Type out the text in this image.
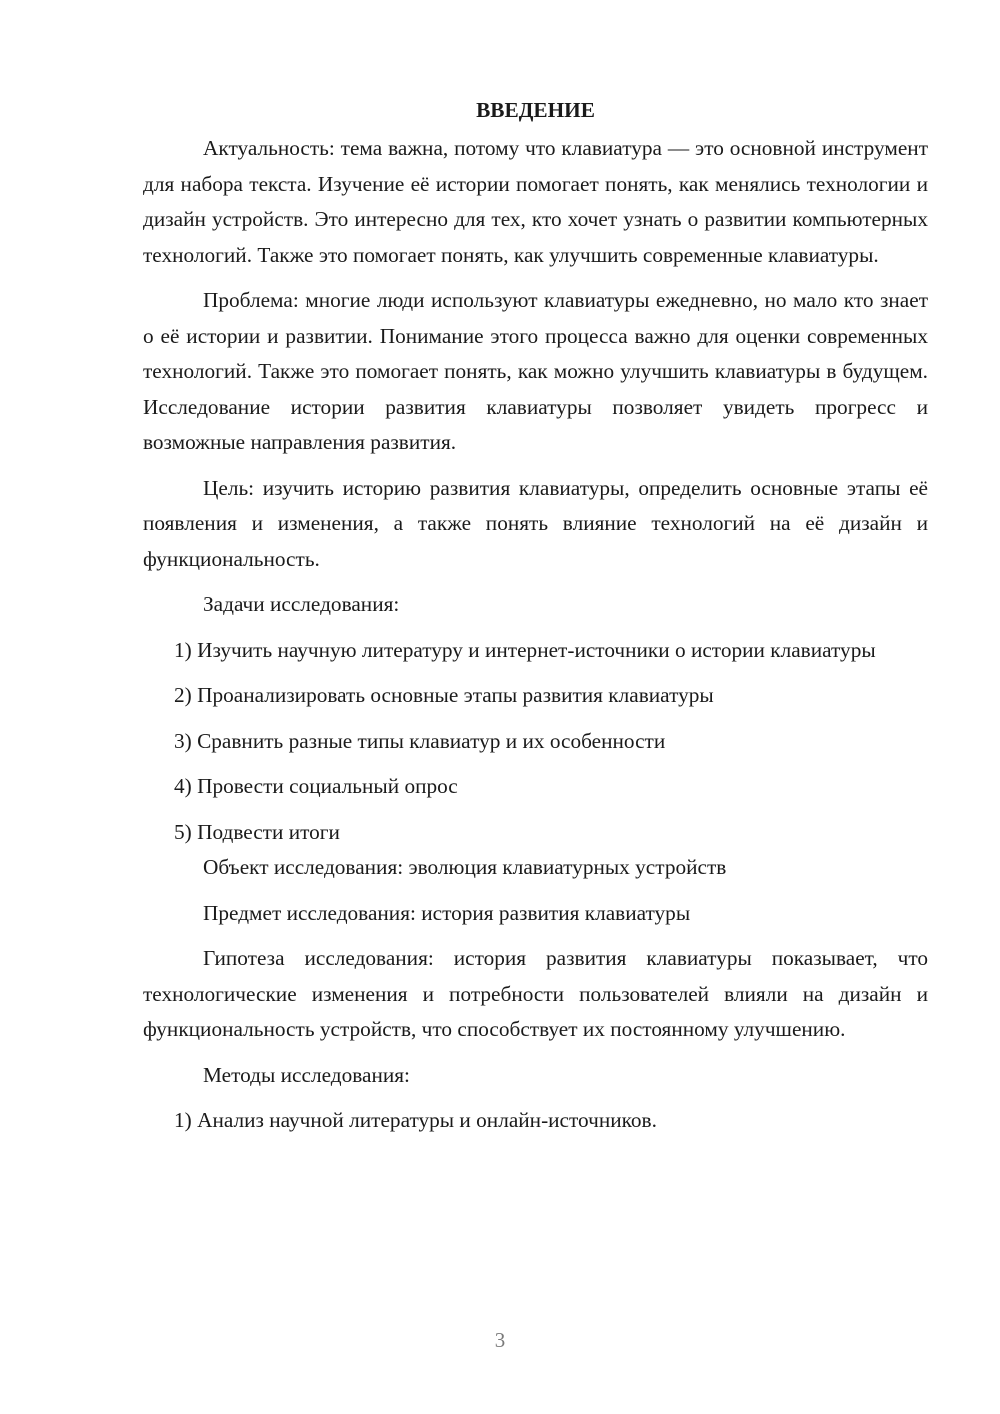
ВВЕДЕНИЕ

Актуальность: тема важна, потому что клавиатура — это основной инструмент для набора текста. Изучение её истории помогает понять, как менялись технологии и дизайн устройств. Это интересно для тех, кто хочет узнать о развитии компьютерных технологий. Также это помогает понять, как улучшить современные клавиатуры.

Проблема: многие люди используют клавиатуры ежедневно, но мало кто знает о её истории и развитии. Понимание этого процесса важно для оценки современных технологий. Также это помогает понять, как можно улучшить клавиатуры в будущем. Исследование истории развития клавиатуры позволяет увидеть прогресс и возможные направления развития.

Цель: изучить историю развития клавиатуры, определить основные этапы её появления и изменения, а также понять влияние технологий на её дизайн и функциональность.

Задачи исследования:

1) Изучить научную литературу и интернет-источники о истории клавиатуры

2) Проанализировать основные этапы развития клавиатуры

3) Сравнить разные типы клавиатур и их особенности

4) Провести социальный опрос

5) Подвести итоги

Объект исследования: эволюция клавиатурных устройств

Предмет исследования: история развития клавиатуры

Гипотеза исследования: история развития клавиатуры показывает, что технологические изменения и потребности пользователей влияли на дизайн и функциональность устройств, что способствует их постоянному улучшению.

Методы исследования:

1) Анализ научной литературы и онлайн-источников.

3
